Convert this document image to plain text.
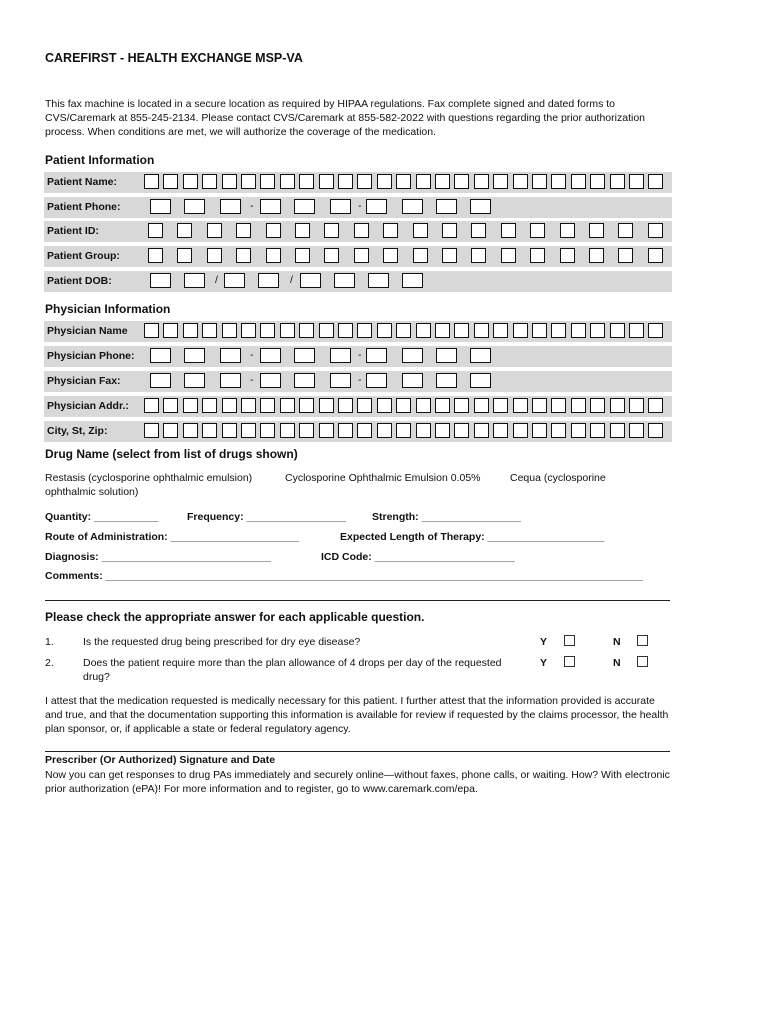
CAREFIRST - HEALTH EXCHANGE MSP-VA
This fax machine is located in a secure location as required by HIPAA regulations. Fax complete signed and dated forms to CVS/Caremark at 855-245-2134. Please contact CVS/Caremark at 855-582-2022 with questions regarding the prior authorization process. When conditions are met, we will authorize the coverage of the medication.
Patient Information
Patient Name:
Patient Phone:	-	-
Patient ID:
Patient Group:
Patient DOB:	/	/
Physician Information
Physician Name
Physician Phone:	-	-
Physician Fax:	-	-
Physician Addr.:
City, St, Zip:
Drug Name (select from list of drugs shown)
Restasis (cyclosporine ophthalmic emulsion)	Cyclosporine Ophthalmic Emulsion 0.05%	Cequa (cyclosporine
ophthalmic solution)
Quantity: ___________	Frequency: _________________ Strength: _________________
Route of Administration: ______________________	Expected Length of Therapy: ____________________
Diagnosis: _____________________________	ICD Code: ________________________
Comments: ____________________________________________________________________________________________
Please check the appropriate answer for each applicable question.
1.	Is the requested drug being prescribed for dry eye disease?	Y	N
2.	Does the patient require more than the plan allowance of 4 drops per day of the requested drug?
Y	N
I attest that the medication requested is medically necessary for this patient. I further attest that the information provided is accurate and true, and that the documentation supporting this information is available for review if requested by the claims processor, the health plan sponsor, or, if applicable a state or federal regulatory agency.
Prescriber (Or Authorized) Signature and Date
Now you can get responses to drug PAs immediately and securely online—without faxes, phone calls, or waiting. How? With electronic prior authorization (ePA)! For more information and to register, go to www.caremark.com/epa.
